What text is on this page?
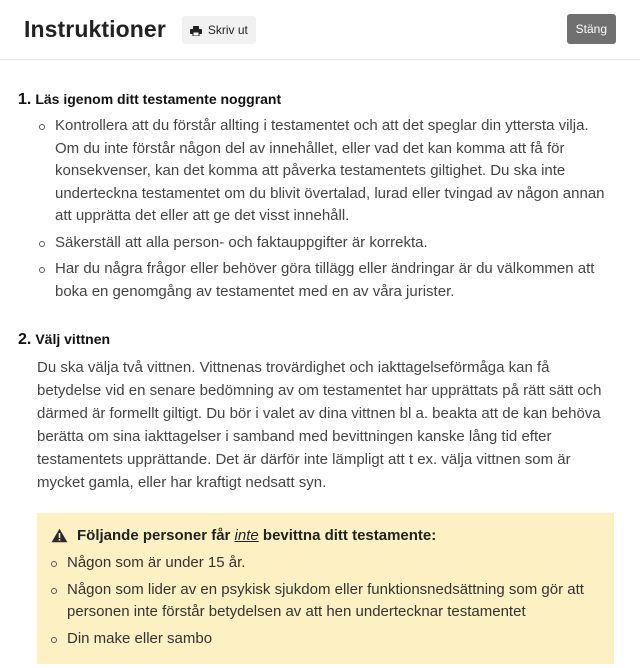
Instruktioner	Skriv ut	Stäng
1. Läs igenom ditt testamente noggrant
Kontrollera att du förstår allting i testamentet och att det speglar din yttersta vilja. Om du inte förstår någon del av innehållet, eller vad det kan komma att få för konsekvenser, kan det komma att påverka testamentets giltighet. Du ska inte underteckna testamentet om du blivit övertalad, lurad eller tvingad av någon annan att upprätta det eller att ge det visst innehåll.
Säkerställ att alla person- och faktauppgifter är korrekta.
Har du några frågor eller behöver göra tillägg eller ändringar är du välkommen att boka en genomgång av testamentet med en av våra jurister.
2. Välj vittnen

Du ska välja två vittnen. Vittnenas trovärdighet och iakttagelseförmåga kan få betydelse vid en senare bedömning av om testamentet har upprättats på rätt sätt och därmed är formellt giltigt. Du bör i valet av dina vittnen bl a. beakta att de kan behöva berätta om sina iakttagelser i samband med bevittningen kanske lång tid efter testamentets upprättande. Det är därför inte lämpligt att t ex. välja vittnen som är mycket gamla, eller har kraftigt nedsatt syn.

Följande personer får inte bevittna ditt testamente:
Någon som är under 15 år.
Någon som lider av en psykisk sjukdom eller funktionsnedsättning som gör att personen inte förstår betydelsen av att hen undertecknar testamentet
Din make eller sambo
